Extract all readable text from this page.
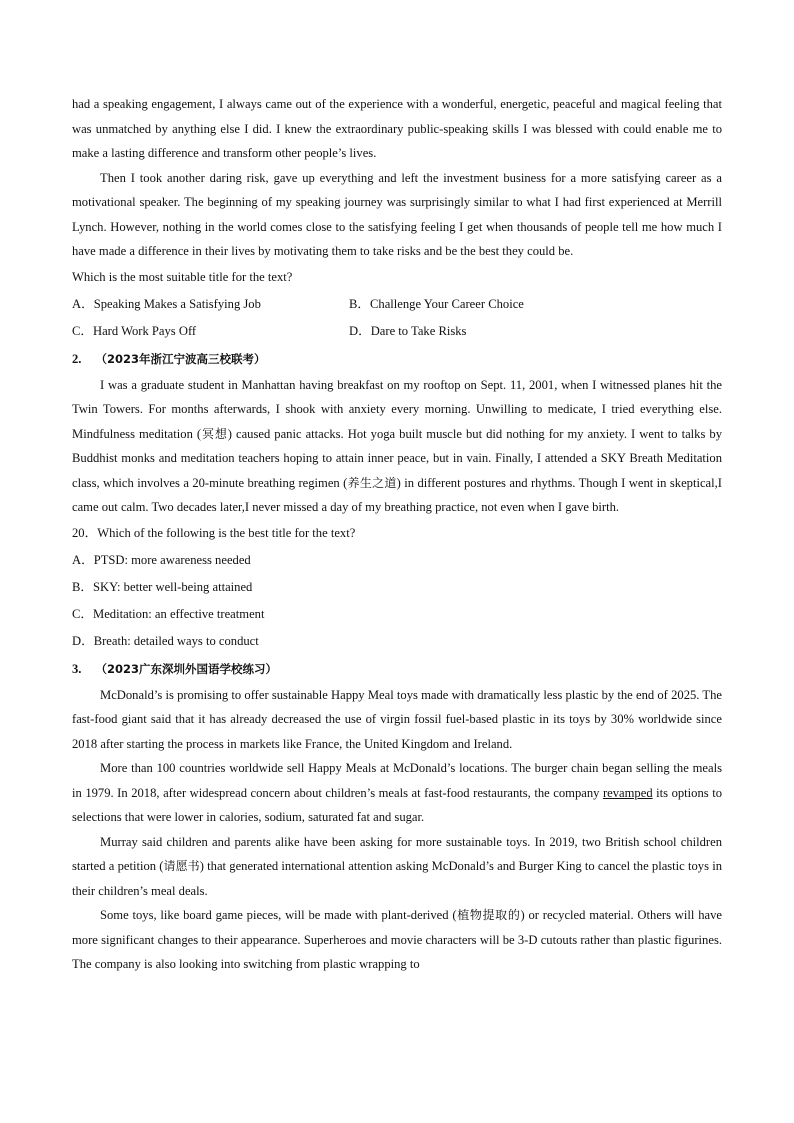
had a speaking engagement, I always came out of the experience with a wonderful, energetic, peaceful and magical feeling that was unmatched by anything else I did. I knew the extraordinary public-speaking skills I was blessed with could enable me to make a lasting difference and transform other people’s lives.

Then I took another daring risk, gave up everything and left the investment business for a more satisfying career as a motivational speaker. The beginning of my speaking journey was surprisingly similar to what I had first experienced at Merrill Lynch. However, nothing in the world comes close to the satisfying feeling I get when thousands of people tell me how much I have made a difference in their lives by motivating them to take risks and be the best they could be.

Which is the most suitable title for the text?
A．Speaking Makes a Satisfying Job	B．Challenge Your Career Choice
C．Hard Work Pays Off	D．Dare to Take Risks
2. （2023年浙江宁波高三校联考）

I was a graduate student in Manhattan having breakfast on my rooftop on Sept. 11, 2001, when I witnessed planes hit the Twin Towers. For months afterwards, I shook with anxiety every morning. Unwilling to medicate, I tried everything else. Mindfulness meditation (冥想) caused panic attacks. Hot yoga built muscle but did nothing for my anxiety. I went to talks by Buddhist monks and meditation teachers hoping to attain inner peace, but in vain. Finally, I attended a SKY Breath Meditation class, which involves a 20-minute breathing regimen (养生之道) in different postures and rhythms. Though I went in skeptical,I came out calm. Two decades later,I never missed a day of my breathing practice, not even when I gave birth.

20．Which of the following is the best title for the text?
A．PTSD: more awareness needed
B．SKY: better well-being attained
C．Meditation: an effective treatment
D．Breath: detailed ways to conduct
3. （2023广东深圳外国语学校练习）

McDonald’s is promising to offer sustainable Happy Meal toys made with dramatically less plastic by the end of 2025. The fast-food giant said that it has already decreased the use of virgin fossil fuel-based plastic in its toys by 30% worldwide since 2018 after starting the process in markets like France, the United Kingdom and Ireland.

More than 100 countries worldwide sell Happy Meals at McDonald’s locations. The burger chain began selling the meals in 1979. In 2018, after widespread concern about children’s meals at fast-food restaurants, the company revamped its options to selections that were lower in calories, sodium, saturated fat and sugar.

Murray said children and parents alike have been asking for more sustainable toys. In 2019, two British school children started a petition (请愿书) that generated international attention asking McDonald’s and Burger King to cancel the plastic toys in their children’s meal deals.

Some toys, like board game pieces, will be made with plant-derived (植物提取的) or recycled material. Others will have more significant changes to their appearance. Superheroes and movie characters will be 3-D cutouts rather than plastic figurines. The company is also looking into switching from plastic wrapping to
